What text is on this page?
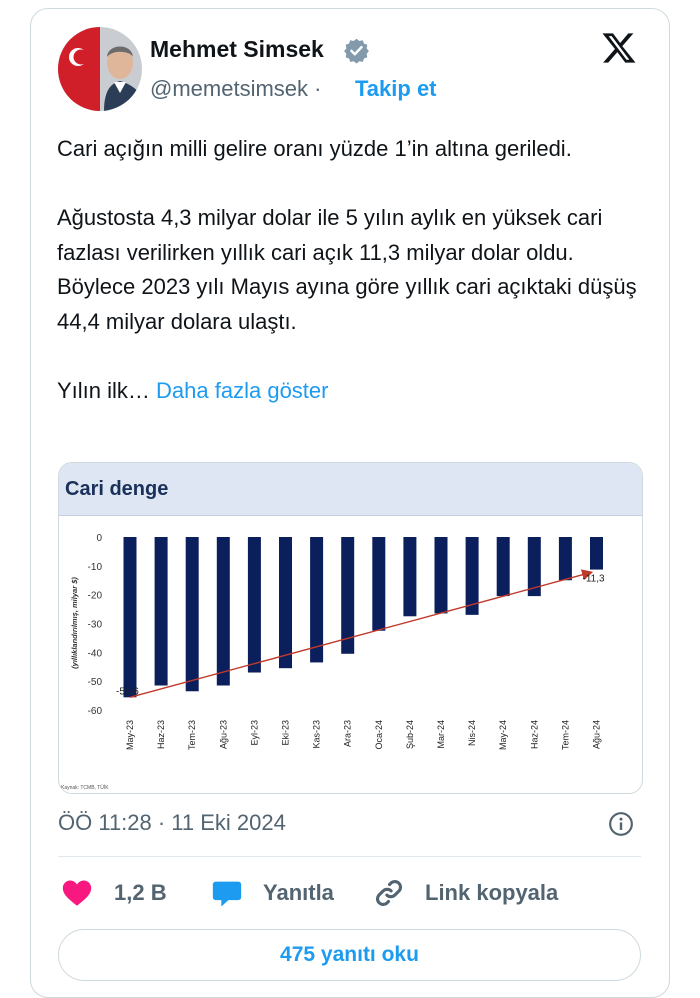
Mehmet Simsek
@memetsimsek · Takip et

Cari açığın milli gelire oranı yüzde 1’in altına geriledi.

Ağustosta 4,3 milyar dolar ile 5 yılın aylık en yüksek cari fazlası verilirken yıllık cari açık 11,3 milyar dolar oldu. Böylece 2023 yılı Mayıs ayına göre yıllık cari açıktaki düşüş 44,4 milyar dolara ulaştı.

Yılın ilk… Daha fazla göster

Cari denge
0
-10
-20
-30
-40
-50
-60
(yıllıklandırılmış, milyar $)
May-23 Haz-23 Tem-23 Ağu-23 Eyl-23 Eki-23 Kas-23 Ara-23 Oca-24 Şub-24 Mar-24 Nis-24 May-24 Haz-24 Tem-24 Ağu-24
-55,6
-11,3
Kaynak: TCMB, TÜİK
ÖÖ 11:28 · 11 Eki 2024
1,2 B	Yanıtla	Link kopyala
475 yanıtı oku
